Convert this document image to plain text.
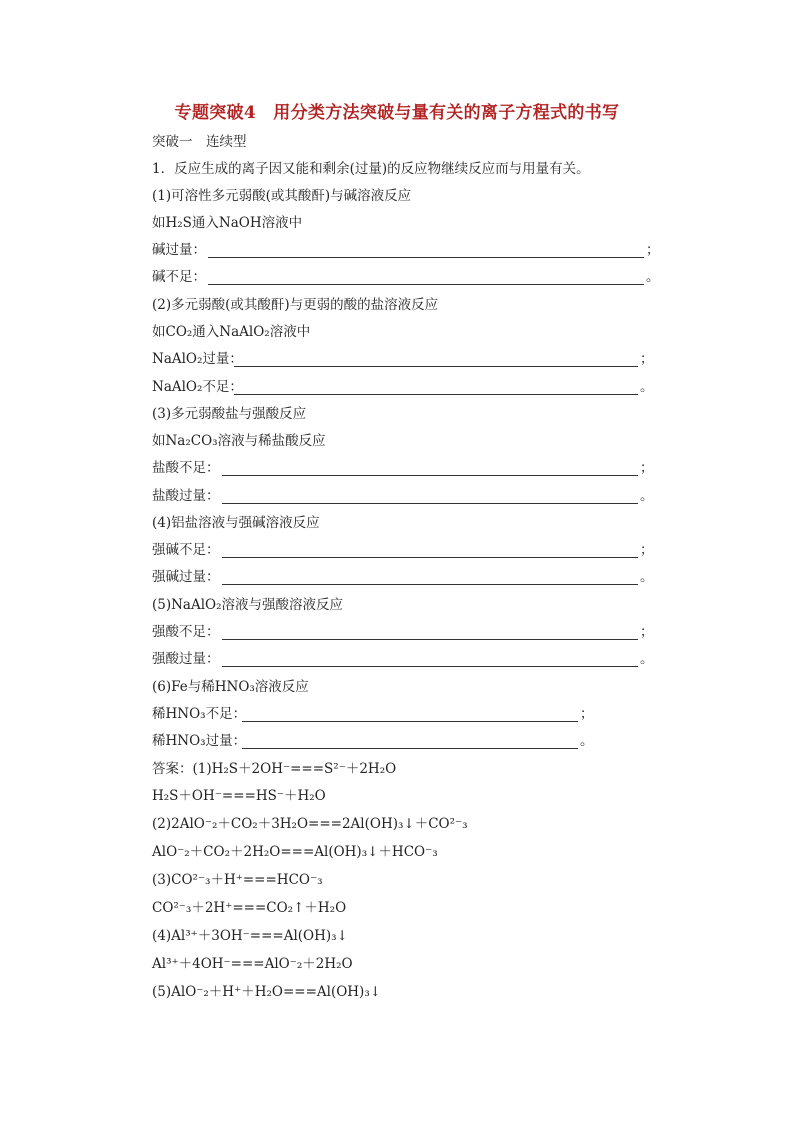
专题突破4　用分类方法突破与量有关的离子方程式的书写
突破一　连续型
1．反应生成的离子因又能和剩余(过量)的反应物继续反应而与用量有关。
(1)可溶性多元弱酸(或其酸酐)与碱溶液反应
如H₂S通入NaOH溶液中
碱过量：	；
碱不足：	。
(2)多元弱酸(或其酸酐)与更弱的酸的盐溶液反应
如CO₂通入NaAlO₂溶液中
NaAlO₂过量：	；
NaAlO₂不足：	。
(3)多元弱酸盐与强酸反应
如Na₂CO₃溶液与稀盐酸反应
盐酸不足：	；
盐酸过量：	。
(4)铝盐溶液与强碱溶液反应
强碱不足：	；
强碱过量：	。
(5)NaAlO₂溶液与强酸溶液反应
强酸不足：	；
强酸过量：	。
(6)Fe与稀HNO₃溶液反应
稀HNO₃不足：	；
稀HNO₃过量：	。
答案：(1)H₂S＋2OH⁻===S²⁻＋2H₂O
H₂S＋OH⁻===HS⁻＋H₂O
(2)2AlO⁻₂＋CO₂＋3H₂O===2Al(OH)₃↓＋CO²⁻₃
AlO⁻₂＋CO₂＋2H₂O===Al(OH)₃↓＋HCO⁻₃
(3)CO²⁻₃＋H⁺===HCO⁻₃
CO²⁻₃＋2H⁺===CO₂↑＋H₂O
(4)Al³⁺＋3OH⁻===Al(OH)₃↓
Al³⁺＋4OH⁻===AlO⁻₂＋2H₂O
(5)AlO⁻₂＋H⁺＋H₂O===Al(OH)₃↓
